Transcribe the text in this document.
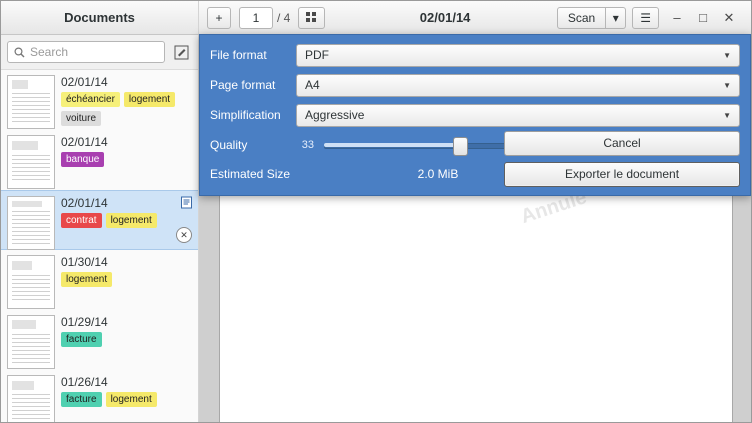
Documents	+	1	/ 4	02/01/14	Scan	▾	☰	–	□	✕
Search
02/01/14
échéancier	logement
voiture
02/01/14
banque
02/01/14
contrat	logement
✕
01/30/14
logement
01/29/14
facture
01/26/14
facture	logement
Annulé
File format	PDF	▼
Page format	A4	▼
Simplification	Aggressive	▼
Quality	33
Estimated Size	2.0 MiB
Cancel
Exporter le document
